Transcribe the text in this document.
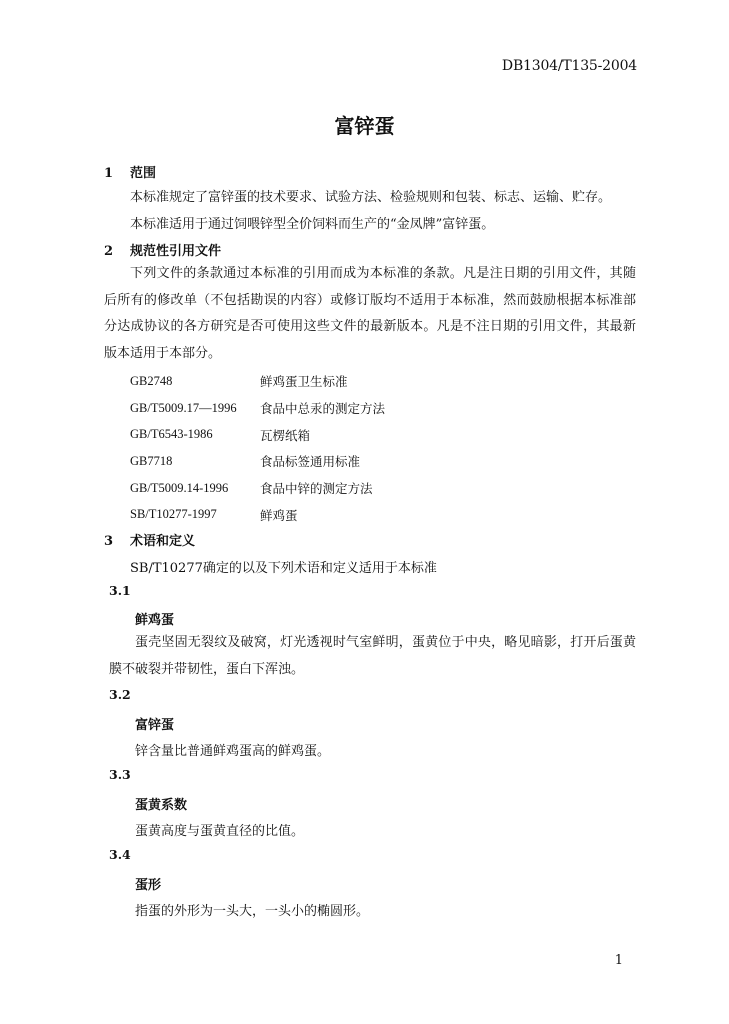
DB1304/T135-2004
富锌蛋
1 范围
本标准规定了富锌蛋的技术要求、试验方法、检验规则和包装、标志、运输、贮存。
本标准适用于通过饲喂锌型全价饲料而生产的“金凤牌”富锌蛋。
2 规范性引用文件
下列文件的条款通过本标准的引用而成为本标准的条款。凡是注日期的引用文件，其随后所有的修改单（不包括勘误的内容）或修订版均不适用于本标准，然而鼓励根据本标准部分达成协议的各方研究是否可使用这些文件的最新版本。凡是不注日期的引用文件，其最新版本适用于本部分。
GB2748	鲜鸡蛋卫生标准
GB/T5009.17—1996	食品中总汞的测定方法
GB/T6543-1986	瓦楞纸箱
GB7718	食品标签通用标准
GB/T5009.14-1996	食品中锌的测定方法
SB/T10277-1997	鲜鸡蛋
3 术语和定义
SB/T10277确定的以及下列术语和定义适用于本标准
3.1
鲜鸡蛋
蛋壳坚固无裂纹及破窝，灯光透视时气室鲜明，蛋黄位于中央，略见暗影，打开后蛋黄膜不破裂并带韧性，蛋白下浑浊。
3.2
富锌蛋
锌含量比普通鲜鸡蛋高的鲜鸡蛋。
3.3
蛋黄系数
蛋黄高度与蛋黄直径的比值。
3.4
蛋形
指蛋的外形为一头大，一头小的椭圆形。
1
